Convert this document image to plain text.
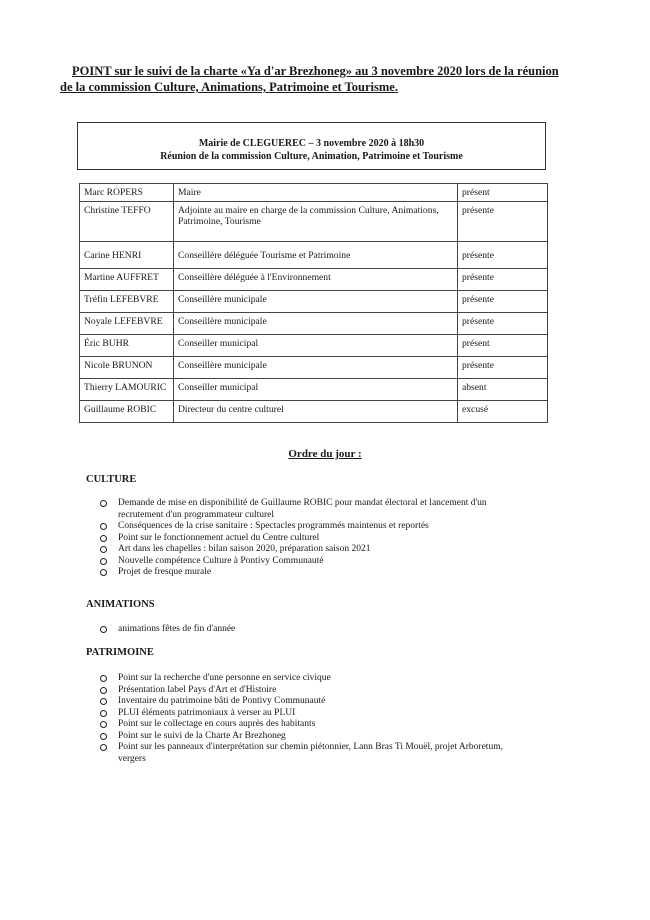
POINT sur le suivi de la charte «Ya d'ar Brezhoneg» au 3 novembre 2020 lors de la réunion
de la commission Culture, Animations, Patrimoine et Tourisme.
Mairie de CLEGUEREC – 3 novembre 2020 à 18h30
Réunion de la commission Culture, Animation, Patrimoine et Tourisme
Marc ROPERS	Maire	présent
Christine TEFFO	Adjointe au maire en charge de la commission Culture, Animations, Patrimoine, Tourisme	présente
Carine HENRI	Conseillère déléguée Tourisme et Patrimoine	présente
Martine AUFFRET	Conseillère déléguée à l'Environnement	présente
Tréfin LEFEBVRE	Conseillère municipale	présente
Noyale LEFEBVRE	Conseillère municipale	présente
Éric BUHR	Conseiller municipal	présent
Nicole BRUNON	Conseillère municipale	présente
Thierry LAMOURIC	Conseiller municipal	absent
Guillaume ROBIC	Directeur du centre culturel	excusé
Ordre du jour :
CULTURE
Demande de mise en disponibilité de Guillaume ROBIC pour mandat électoral et lancement d'un recrutement d'un programmateur culturel
Conséquences de la crise sanitaire : Spectacles programmés maintenus et reportés
Point sur le fonctionnement actuel du Centre culturel
Art dans les chapelles : bilan saison 2020, préparation saison 2021
Nouvelle compétence Culture à Pontivy Communauté
Projet de fresque murale
ANIMATIONS
animations fêtes de fin d'année
PATRIMOINE
Point sur la recherche d'une personne en service civique
Présentation label Pays d'Art et d'Histoire
Inventaire du patrimoine bâti de Pontivy Communauté
PLUI éléments patrimoniaux à verser au PLUI
Point sur le collectage en cours auprès des habitants
Point sur le suivi de la Charte Ar Brezhoneg
Point sur les panneaux d'interprétation sur chemin piétonnier, Lann Bras Ti Mouël, projet Arboretum, vergers
